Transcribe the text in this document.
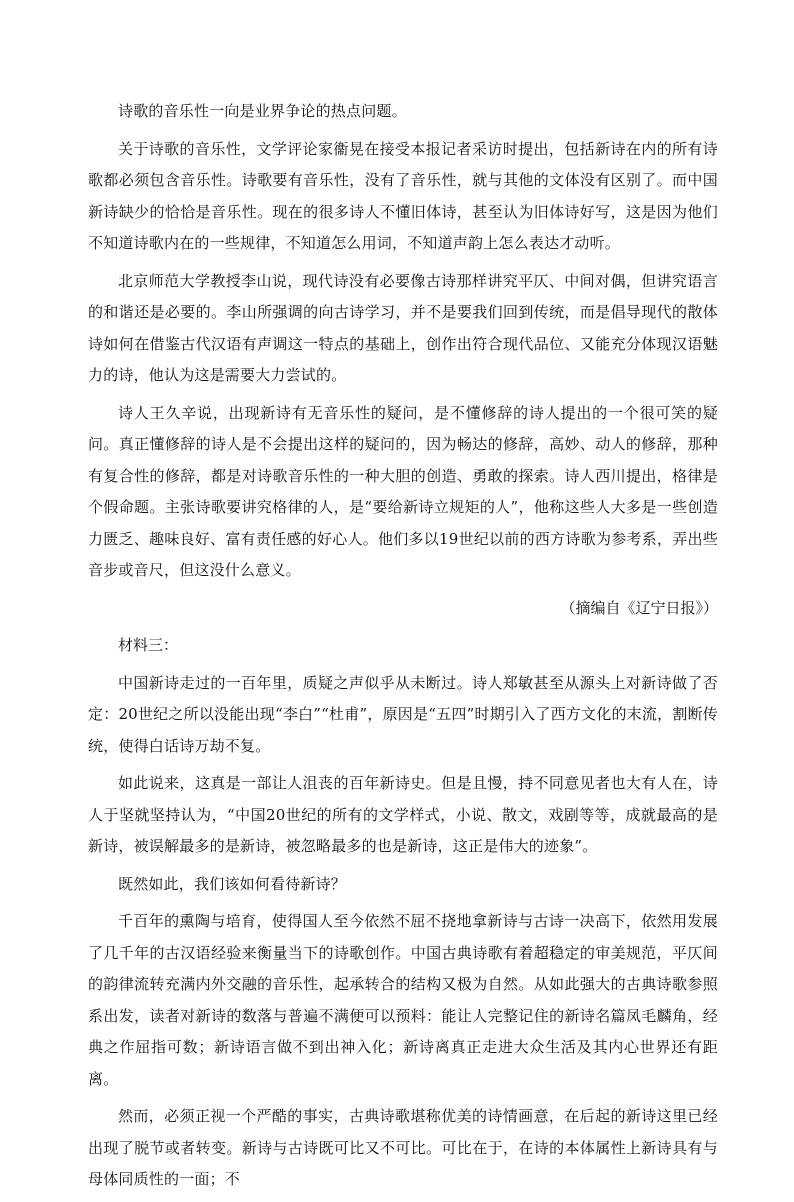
诗歌的音乐性一向是业界争论的热点问题。

关于诗歌的音乐性，文学评论家衞晃在接受本报记者采访时提出，包括新诗在内的所有诗歌都必须包含音乐性。诗歌要有音乐性，没有了音乐性，就与其他的文体没有区别了。而中国新诗缺少的恰恰是音乐性。现在的很多诗人不懂旧体诗，甚至认为旧体诗好写，这是因为他们不知道诗歌内在的一些规律，不知道怎么用词，不知道声韵上怎么表达才动听。

北京师范大学教授李山说，现代诗没有必要像古诗那样讲究平仄、中间对偶，但讲究语言的和谐还是必要的。李山所强调的向古诗学习，并不是要我们回到传统，而是倡导现代的散体诗如何在借鉴古代汉语有声调这一特点的基础上，创作出符合现代品位、又能充分体现汉语魅力的诗，他认为这是需要大力尝试的。

诗人王久辛说，出现新诗有无音乐性的疑问，是不懂修辞的诗人提出的一个很可笑的疑问。真正懂修辞的诗人是不会提出这样的疑问的，因为畅达的修辞，高妙、动人的修辞，那种有复合性的修辞，都是对诗歌音乐性的一种大胆的创造、勇敢的探索。诗人西川提出，格律是个假命题。主张诗歌要讲究格律的人，是“要给新诗立规矩的人”，他称这些人大多是一些创造力匮乏、趣味良好、富有责任感的好心人。他们多以19世纪以前的西方诗歌为参考系，弄出些音步或音尺，但这没什么意义。

（摘编自《辽宁日报》）

材料三：

中国新诗走过的一百年里，质疑之声似乎从未断过。诗人郑敏甚至从源头上对新诗做了否定：20世纪之所以没能出现“李白”“杜甫”，原因是“五四”时期引入了西方文化的末流，割断传统，使得白话诗万劫不复。

如此说来，这真是一部让人沮丧的百年新诗史。但是且慢，持不同意见者也大有人在，诗人于坚就坚持认为，“中国20世纪的所有的文学样式，小说、散文，戏剧等等，成就最高的是新诗，被误解最多的是新诗，被忽略最多的也是新诗，这正是伟大的迹象”。

既然如此，我们该如何看待新诗？

千百年的熏陶与培育，使得国人至今依然不屈不挠地拿新诗与古诗一决高下，依然用发展了几千年的古汉语经验来衡量当下的诗歌创作。中国古典诗歌有着超稳定的审美规范，平仄间的韵律流转充满内外交融的音乐性，起承转合的结构又极为自然。从如此强大的古典诗歌参照系出发，读者对新诗的数落与普遍不满便可以预料：能让人完整记住的新诗名篇凤毛麟角，经典之作屈指可数；新诗语言做不到出神入化；新诗离真正走进大众生活及其内心世界还有距离。

然而，必须正视一个严酷的事实，古典诗歌堪称优美的诗情画意，在后起的新诗这里已经出现了脱节或者转变。新诗与古诗既可比又不可比。可比在于，在诗的本体属性上新诗具有与母体同质性的一面；不
